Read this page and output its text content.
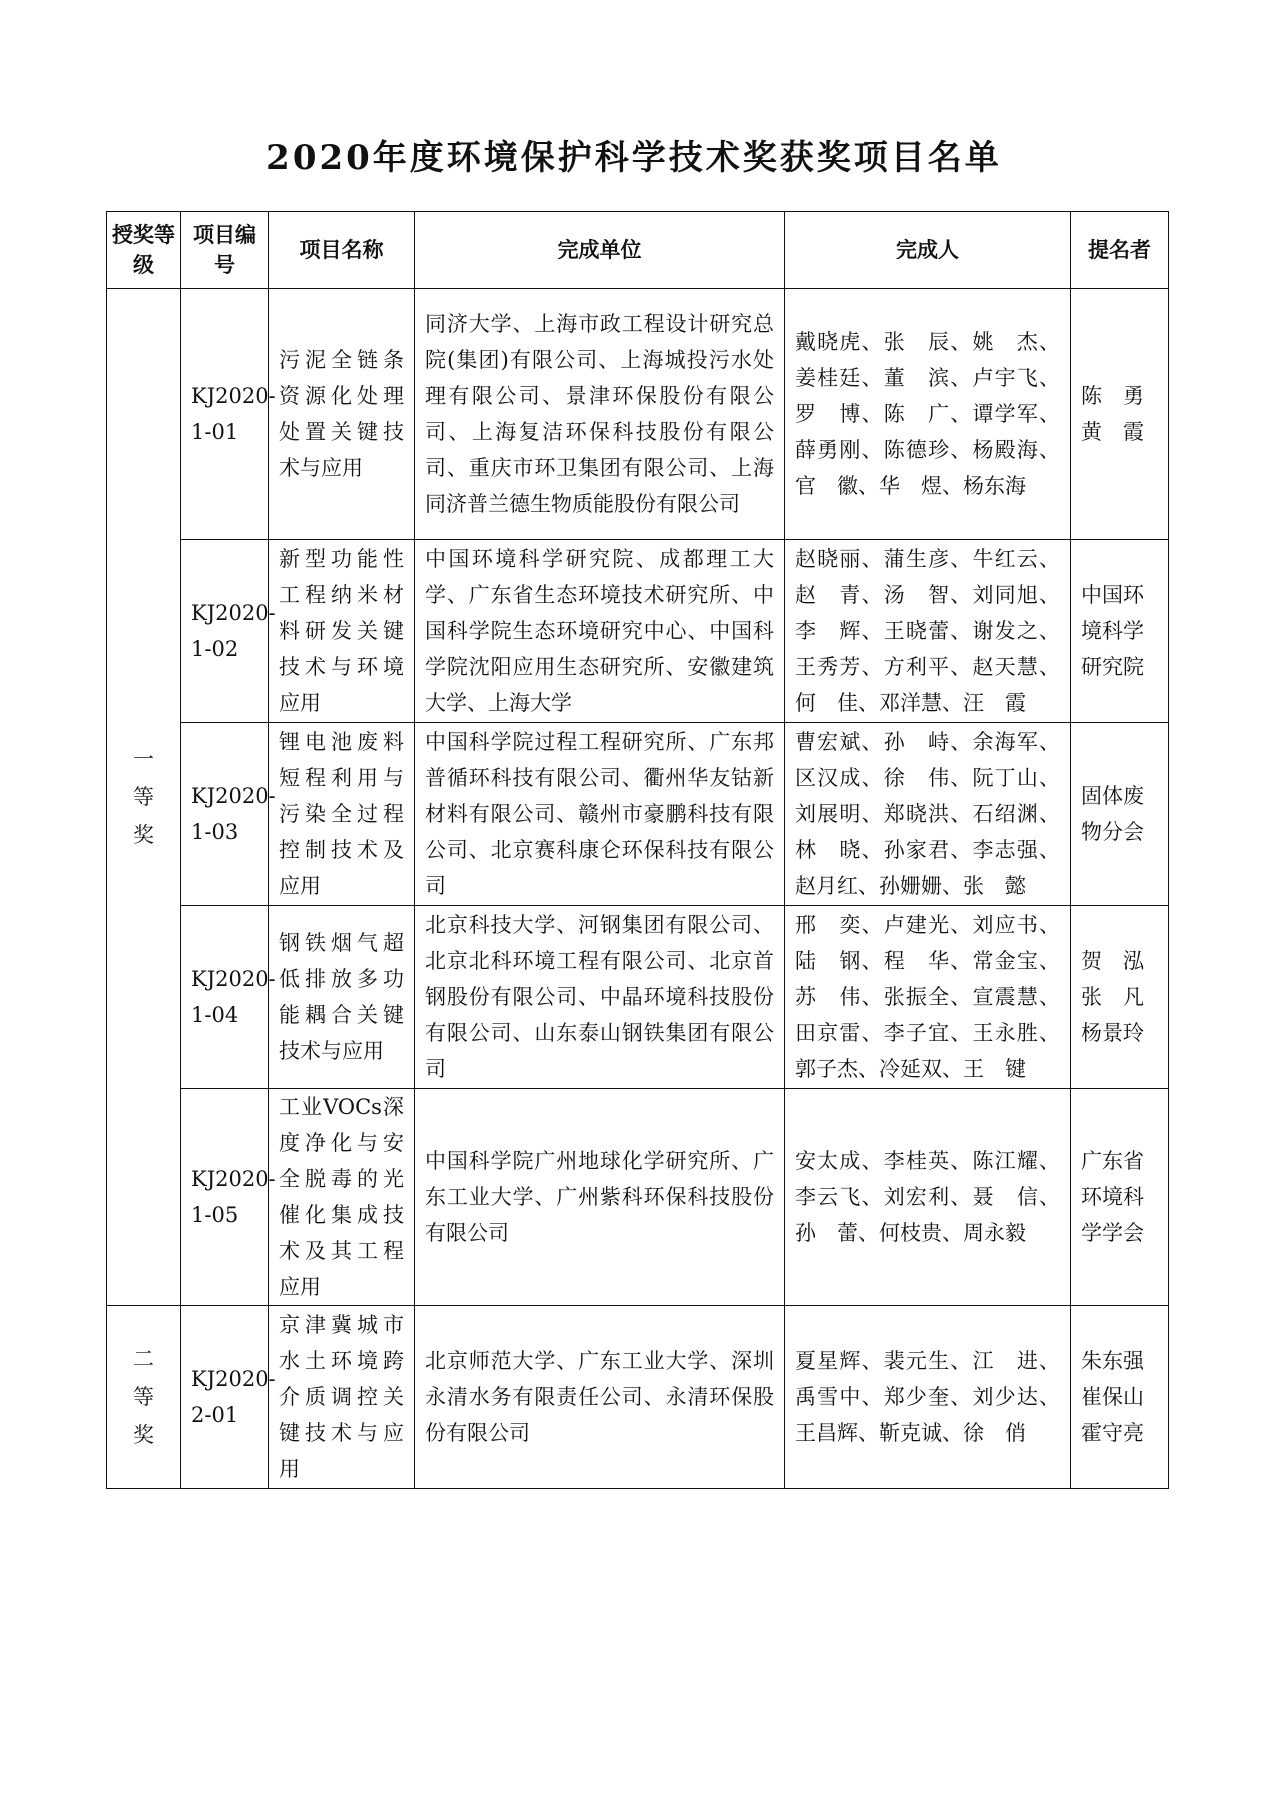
2020年度环境保护科学技术奖获奖项目名单
授奖等级	项目编号	项目名称	完成单位	完成人	提名者

一等奖	KJ2020-1-01	污泥全链条资源化处理处置关键技术与应用	同济大学、上海市政工程设计研究总院(集团)有限公司、上海城投污水处理有限公司、景津环保股份有限公司、上海复洁环保科技股份有限公司、重庆市环卫集团有限公司、上海同济普兰德生物质能股份有限公司	戴晓虎、张　辰、姚　杰、姜桂廷、董　滨、卢宇飞、罗　博、陈　广、谭学军、薛勇刚、陈德珍、杨殿海、官　徽、华　煜、杨东海	陈　勇
黄　霞
	KJ2020-1-02	新型功能性工程纳米材料研发关键技术与环境应用	中国环境科学研究院、成都理工大学、广东省生态环境技术研究所、中国科学院生态环境研究中心、中国科学院沈阳应用生态研究所、安徽建筑大学、上海大学	赵晓丽、蒲生彦、牛红云、赵　青、汤　智、刘同旭、李　辉、王晓蕾、谢发之、王秀芳、方利平、赵天慧、何　佳、邓洋慧、汪　霞	中国环境科学研究院
	KJ2020-1-03	锂电池废料短程利用与污染全过程控制技术及应用	中国科学院过程工程研究所、广东邦普循环科技有限公司、衢州华友钴新材料有限公司、赣州市豪鹏科技有限公司、北京赛科康仑环保科技有限公司	曹宏斌、孙　峙、余海军、区汉成、徐　伟、阮丁山、刘展明、郑晓洪、石绍渊、林　晓、孙家君、李志强、赵月红、孙姗姗、张　懿	固体废物分会
	KJ2020-1-04	钢铁烟气超低排放多功能耦合关键技术与应用	北京科技大学、河钢集团有限公司、北京北科环境工程有限公司、北京首钢股份有限公司、中晶环境科技股份有限公司、山东泰山钢铁集团有限公司	邢　奕、卢建光、刘应书、陆　钢、程　华、常金宝、苏　伟、张振全、宣震慧、田京雷、李子宜、王永胜、郭子杰、冷延双、王　键	贺　泓
张　凡
杨景玲
	KJ2020-1-05	工业VOCs深度净化与安全脱毒的光催化集成技术及其工程应用	中国科学院广州地球化学研究所、广东工业大学、广州紫科环保科技股份有限公司	安太成、李桂英、陈江耀、李云飞、刘宏利、聂　信、孙　蕾、何枝贵、周永毅	广东省环境科学学会

二等奖	KJ2020-2-01	京津冀城市水土环境跨介质调控关键技术与应用	北京师范大学、广东工业大学、深圳永清水务有限责任公司、永清环保股份有限公司	夏星辉、裴元生、江　进、禹雪中、郑少奎、刘少达、王昌辉、靳克诚、徐　俏	朱东强
崔保山
霍守亮
